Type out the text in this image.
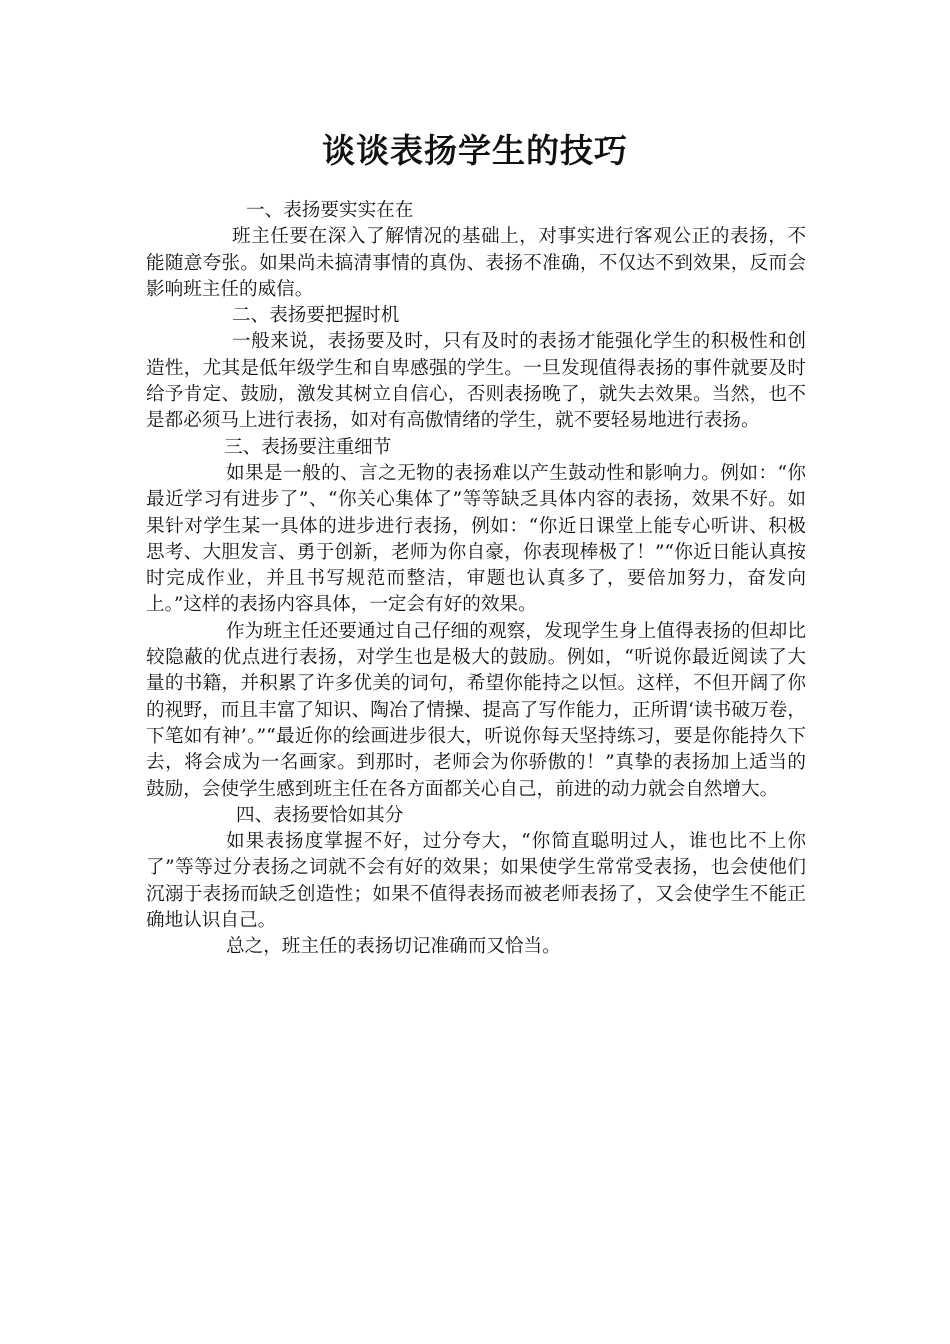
谈谈表扬学生的技巧

一、表扬要实实在在

班主任要在深入了解情况的基础上，对事实进行客观公正的表扬，不能随意夸张。如果尚未搞清事情的真伪、表扬不准确，不仅达不到效果，反而会影响班主任的威信。

二、表扬要把握时机

一般来说，表扬要及时，只有及时的表扬才能强化学生的积极性和创造性，尤其是低年级学生和自卑感强的学生。一旦发现值得表扬的事件就要及时给予肯定、鼓励，激发其树立自信心，否则表扬晚了，就失去效果。当然，也不是都必须马上进行表扬，如对有高傲情绪的学生，就不要轻易地进行表扬。

三、表扬要注重细节

如果是一般的、言之无物的表扬难以产生鼓动性和影响力。例如：“你最近学习有进步了”、“你关心集体了”等等缺乏具体内容的表扬，效果不好。如果针对学生某一具体的进步进行表扬，例如：“你近日课堂上能专心听讲、积极思考、大胆发言、勇于创新，老师为你自豪，你表现棒极了！”“你近日能认真按时完成作业，并且书写规范而整洁，审题也认真多了，要倍加努力，奋发向上。”这样的表扬内容具体，一定会有好的效果。

作为班主任还要通过自己仔细的观察，发现学生身上值得表扬的但却比较隐蔽的优点进行表扬，对学生也是极大的鼓励。例如，“听说你最近阅读了大量的书籍，并积累了许多优美的词句，希望你能持之以恒。这样，不但开阔了你的视野，而且丰富了知识、陶冶了情操、提高了写作能力，正所谓‘读书破万卷，下笔如有神’。”“最近你的绘画进步很大，听说你每天坚持练习，要是你能持久下去，将会成为一名画家。到那时，老师会为你骄傲的！”真挚的表扬加上适当的鼓励，会使学生感到班主任在各方面都关心自己，前进的动力就会自然增大。

四、表扬要恰如其分

如果表扬度掌握不好，过分夸大，“你简直聪明过人，谁也比不上你了”等等过分表扬之词就不会有好的效果；如果使学生常常受表扬，也会使他们沉溺于表扬而缺乏创造性；如果不值得表扬而被老师表扬了，又会使学生不能正确地认识自己。

总之，班主任的表扬切记准确而又恰当。
